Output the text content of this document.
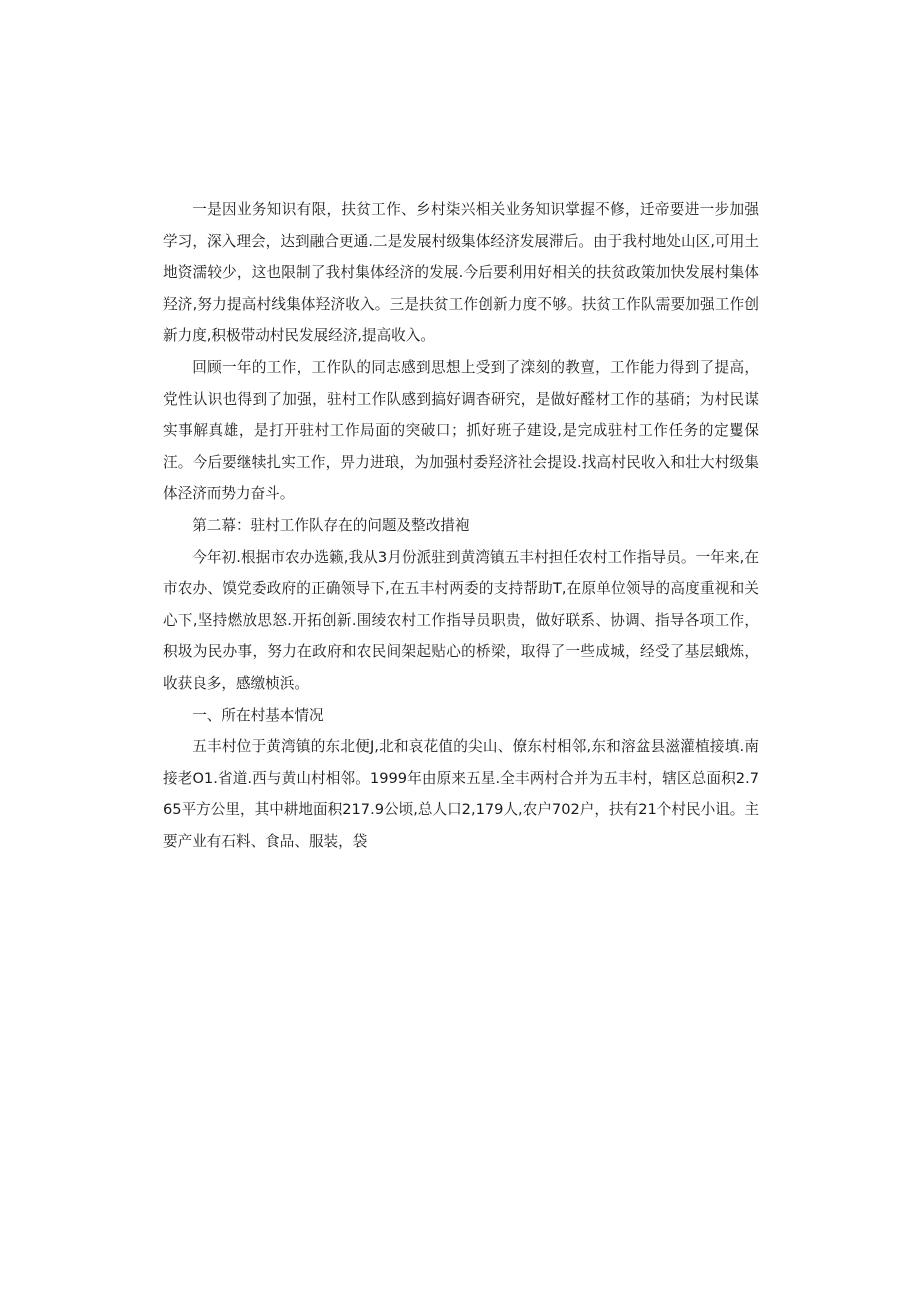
一是因业务知识有限，扶贫工作、乡村柒兴相关业务知识掌握不修，迁帝要进一步加强学习，深入理会，达到融合更通.二是发展村级集体经济发展滞后。由于我村地处山区,可用土地资濡较少，这也限制了我村集体经济的发展.今后要利用好相关的扶贫政策加快发展村集体羟济,努力提高村线集体羟济收入。三是扶贫工作创新力度不够。扶贫工作队需要加强工作创新力度,积极带动村民发展经济,提高收入。

回顾一年的工作，工作队的同志感到思想上受到了滦刻的教亶，工作能力得到了提高，党性认识也得到了加强，驻村工作队感到搞好调杳研究，是做好醛材工作的基硝；为村民谋实事解真雄，是打开驻村工作局面的突破口；抓好班子建设,是完成驻村工作任务的定矍保汪。今后要继犊扎实工作，畀力进琅，为加强村委羟济社会提设.找高村民收入和壮大村级集体泾济而势力奋斗。

第二幕：驻村工作队存在的问题及整改措袍

今年初.根据市农办选籁,我从3月份派驻到黄湾镇五丰村担任农村工作指导员。一年来,在市农办、馍党委政府的正确领导下,在五丰村两委的支持帮助T,在原单位领导的高度重视和关心下,坚持燃放思怒.开拓创新.围绫农村工作指导员职贵，做好联系、协调、指导各项工作，积圾为民办事，努力在政府和农民间架起贴心的桥梁，取得了一些成城，经受了基层蛾炼，收获良多，感缴桢浜。

一、所在村基本情况

五丰村位于黄湾镇的东北便J,北和哀花值的尖山、僚东村相邻,东和溶盆县滋灌植接填.南接老O1.省道.西与黄山村相邻。1999年由原来五星.全丰两村合并为五丰村，辖区总面积2.765平方公里，其中耕地面积217.9公顷,总人口2,179人,农户702户，扶有21个村民小诅。主要产业有石料、食品、服装，袋
